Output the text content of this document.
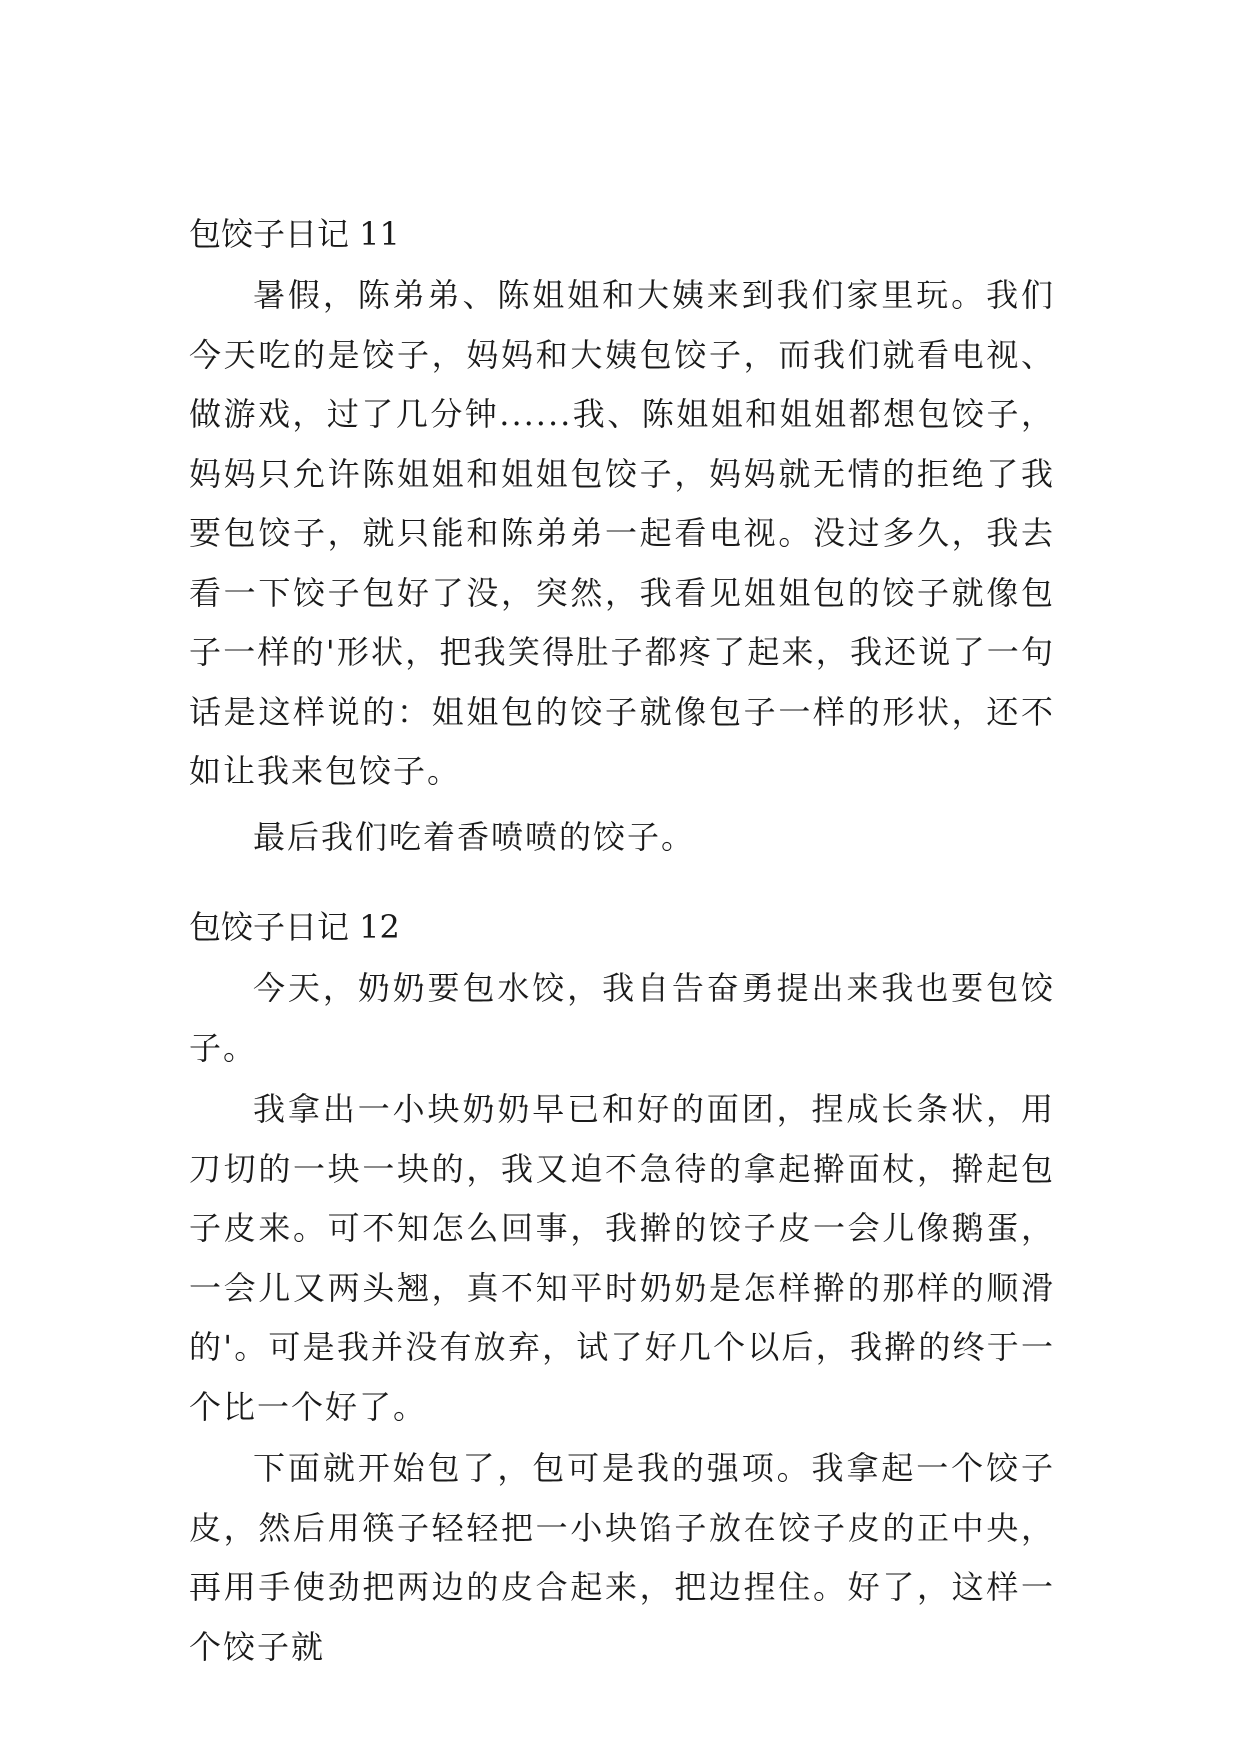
包饺子日记 11

暑假，陈弟弟、陈姐姐和大姨来到我们家里玩。我们今天吃的是饺子，妈妈和大姨包饺子，而我们就看电视、做游戏，过了几分钟......我、陈姐姐和姐姐都想包饺子，妈妈只允许陈姐姐和姐姐包饺子，妈妈就无情的拒绝了我要包饺子，就只能和陈弟弟一起看电视。没过多久，我去看一下饺子包好了没，突然，我看见姐姐包的饺子就像包子一样的'形状，把我笑得肚子都疼了起来，我还说了一句话是这样说的：姐姐包的饺子就像包子一样的形状，还不如让我来包饺子。

最后我们吃着香喷喷的饺子。

包饺子日记 12

今天，奶奶要包水饺，我自告奋勇提出来我也要包饺子。

我拿出一小块奶奶早已和好的面团，捏成长条状，用刀切的一块一块的，我又迫不急待的拿起擀面杖，擀起包子皮来。可不知怎么回事，我擀的饺子皮一会儿像鹅蛋，一会儿又两头翘，真不知平时奶奶是怎样擀的那样的顺滑的'。可是我并没有放弃，试了好几个以后，我擀的终于一个比一个好了。

下面就开始包了，包可是我的强项。我拿起一个饺子皮，然后用筷子轻轻把一小块馅子放在饺子皮的正中央，再用手使劲把两边的皮合起来，把边捏住。好了，这样一个饺子就
